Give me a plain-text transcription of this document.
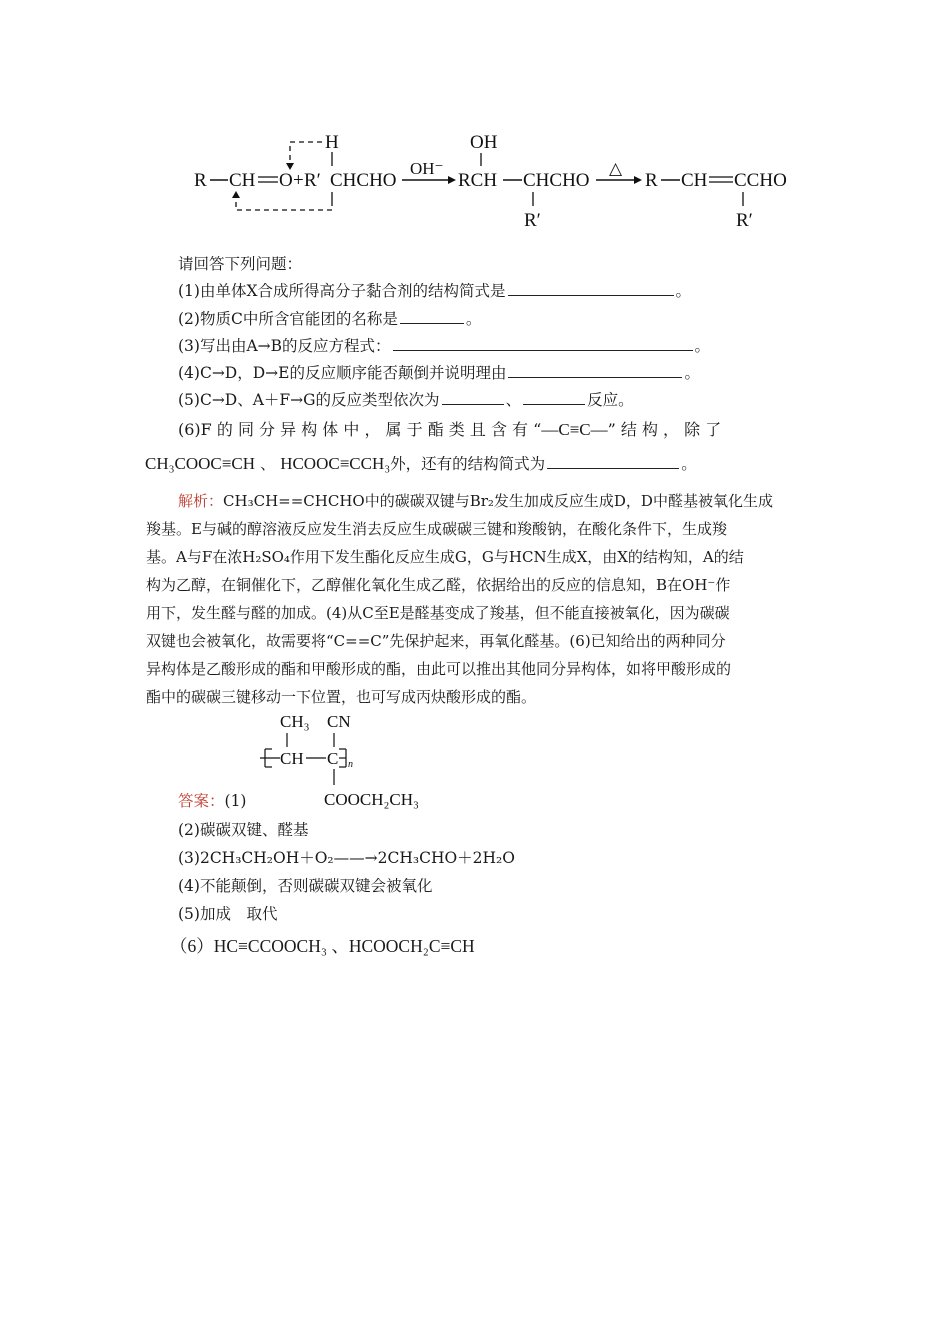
R CH O + R′
H
CHCHO
OH⁻
OH
RCH CHCHO
R′
△
R CH CCHO
R′
请回答下列问题：
(1)由单体X合成所得高分子黏合剂的结构简式是	。
(2)物质C中所含官能团的名称是	。
(3)写出由A→B的反应方程式：	。
(4)C→D，D→E的反应顺序能否颠倒并说明理由	。
(5)C→D、A＋F→G的反应类型依次为	、	反应。
(6)F 的 同 分 异 构 体 中 ， 属 于 酯 类 且 含 有 “—C≡C—” 结 构 ， 除 了
CH₃COOC≡CH 、 HCOOC≡CCH₃外，还有的结构简式为	。
解析：CH₃CH==CHCHO中的碳碳双键与Br₂发生加成反应生成D，D中醛基被氧化生成
羧基。E与碱的醇溶液反应发生消去反应生成碳碳三键和羧酸钠，在酸化条件下，生成羧
基。A与F在浓H₂SO₄作用下发生酯化反应生成G，G与HCN生成X，由X的结构知，A的结
构为乙醇，在铜催化下，乙醇催化氧化生成乙醛，依据给出的反应的信息知，B在OH⁻作
用下，发生醛与醛的加成。(4)从C至E是醛基变成了羧基，但不能直接被氧化，因为碳碳
双键也会被氧化，故需要将“C==C”先保护起来，再氧化醛基。(6)已知给出的两种同分
异构体是乙酸形成的酯和甲酸形成的酯，由此可以推出其他同分异构体，如将甲酸形成的
酯中的碳碳三键移动一下位置，也可写成丙炔酸形成的酯。
CH₃ CN
CH C n
COOCH₂CH₃
答案：(1)
(2)碳碳双键、醛基
(3)2CH₃CH₂OH＋O₂——→2CH₃CHO＋2H₂O
(4)不能颠倒，否则碳碳双键会被氧化
(5)加成　取代
（6）HC≡CCOOCH₃ 、HCOOCH₂C≡CH
